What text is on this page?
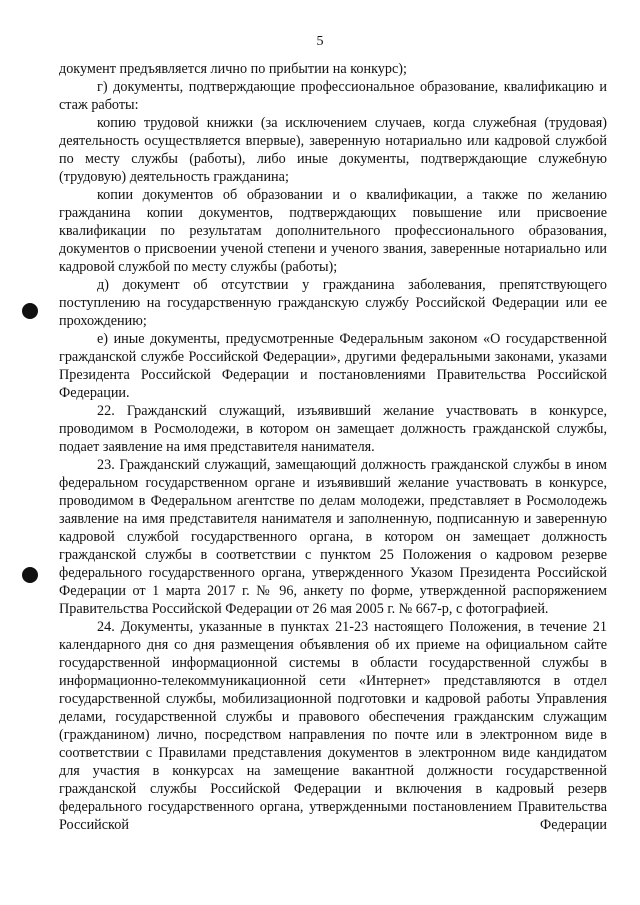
5

документ предъявляется лично по прибытии на конкурс);

г) документы, подтверждающие профессиональное образование, квалификацию и стаж работы:

копию трудовой книжки (за исключением случаев, когда служебная (трудовая) деятельность осуществляется впервые), заверенную нотариально или кадровой службой по месту службы (работы), либо иные документы, подтверждающие служебную (трудовую) деятельность гражданина;

копии документов об образовании и о квалификации, а также по желанию гражданина копии документов, подтверждающих повышение или присвоение квалификации по результатам дополнительного профессионального образования, документов о присвоении ученой степени и ученого звания, заверенные нотариально или кадровой службой по месту службы (работы);

д) документ об отсутствии у гражданина заболевания, препятствующего поступлению на государственную гражданскую службу Российской Федерации или ее прохождению;

е) иные документы, предусмотренные Федеральным законом «О государственной гражданской службе Российской Федерации», другими федеральными законами, указами Президента Российской Федерации и постановлениями Правительства Российской Федерации.

22. Гражданский служащий, изъявивший желание участвовать в конкурсе, проводимом в Росмолодежи, в котором он замещает должность гражданской службы, подает заявление на имя представителя нанимателя.

23. Гражданский служащий, замещающий должность гражданской службы в ином федеральном государственном органе и изъявивший желание участвовать в конкурсе, проводимом в Федеральном агентстве по делам молодежи, представляет в Росмолодежь заявление на имя представителя нанимателя и заполненную, подписанную и заверенную кадровой службой государственного органа, в котором он замещает должность гражданской службы в соответствии с пунктом 25 Положения о кадровом резерве федерального государственного органа, утвержденного Указом Президента Российской Федерации от 1 марта 2017 г. № 96, анкету по форме, утвержденной распоряжением Правительства Российской Федерации от 26 мая 2005 г. № 667-р, с фотографией.

24. Документы, указанные в пунктах 21-23 настоящего Положения, в течение 21 календарного дня со дня размещения объявления об их приеме на официальном сайте государственной информационной системы в области государственной службы в информационно-телекоммуникационной сети «Интернет» представляются в отдел государственной службы, мобилизационной подготовки и кадровой работы Управления делами, государственной службы и правового обеспечения гражданским служащим (гражданином) лично, посредством направления по почте или в электронном виде в соответствии с Правилами представления документов в электронном виде кандидатом для участия в конкурсах на замещение вакантной должности государственной гражданской службы Российской Федерации и включения в кадровый резерв федерального государственного органа, утвержденными постановлением Правительства Российской Федерации
